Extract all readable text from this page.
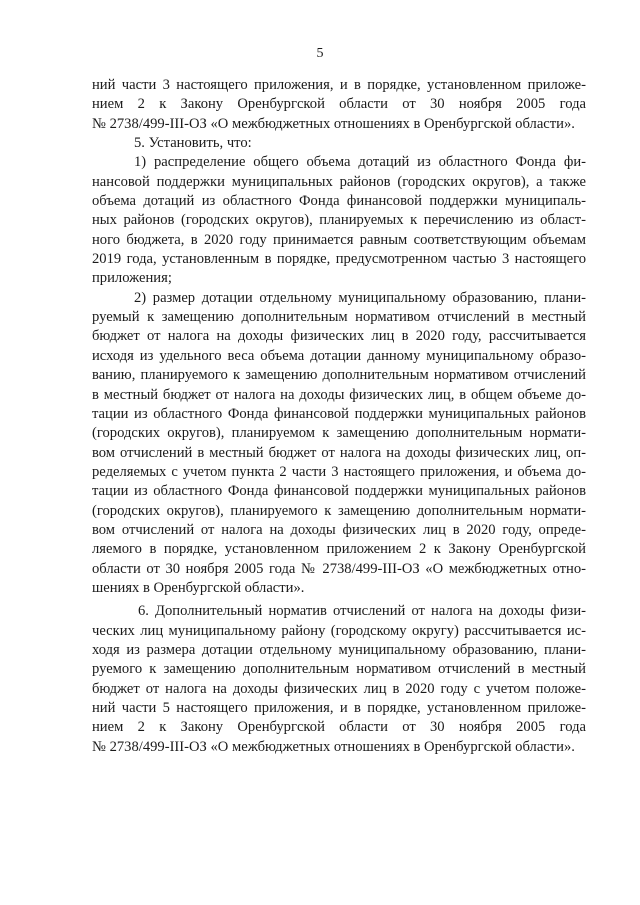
5
ний части 3 настоящего приложения, и в порядке, установленном приложе-
нием 2 к Закону Оренбургской области от 30 ноября 2005 года
№ 2738/499-III-ОЗ «О межбюджетных отношениях в Оренбургской области».
5. Установить, что:
1) распределение общего объема дотаций из областного Фонда фи-
нансовой поддержки муниципальных районов (городских округов), а также
объема дотаций из областного Фонда финансовой поддержки муниципаль-
ных районов (городских округов), планируемых к перечислению из област-
ного бюджета, в 2020 году принимается равным соответствующим объемам
2019 года, установленным в порядке, предусмотренном частью 3 настоящего
приложения;
2) размер дотации отдельному муниципальному образованию, плани-
руемый к замещению дополнительным нормативом отчислений в местный
бюджет от налога на доходы физических лиц в 2020 году, рассчитывается
исходя из удельного веса объема дотации данному муниципальному образо-
ванию, планируемого к замещению дополнительным нормативом отчислений
в местный бюджет от налога на доходы физических лиц, в общем объеме до-
тации из областного Фонда финансовой поддержки муниципальных районов
(городских округов), планируемом к замещению дополнительным нормати-
вом отчислений в местный бюджет от налога на доходы физических лиц, оп-
ределяемых с учетом пункта 2 части 3 настоящего приложения, и объема до-
тации из областного Фонда финансовой поддержки муниципальных районов
(городских округов), планируемого к замещению дополнительным нормати-
вом отчислений от налога на доходы физических лиц в 2020 году, опреде-
ляемого в порядке, установленном приложением 2 к Закону Оренбургской
области от 30 ноября 2005 года № 2738/499-III-ОЗ «О межбюджетных отно-
шениях в Оренбургской области».
6. Дополнительный норматив отчислений от налога на доходы физи-
ческих лиц муниципальному району (городскому округу) рассчитывается ис-
ходя из размера дотации отдельному муниципальному образованию, плани-
руемого к замещению дополнительным нормативом отчислений в местный
бюджет от налога на доходы физических лиц в 2020 году с учетом положе-
ний части 5 настоящего приложения, и в порядке, установленном приложе-
нием 2 к Закону Оренбургской области от 30 ноября 2005 года
№ 2738/499-III-ОЗ «О межбюджетных отношениях в Оренбургской области».
